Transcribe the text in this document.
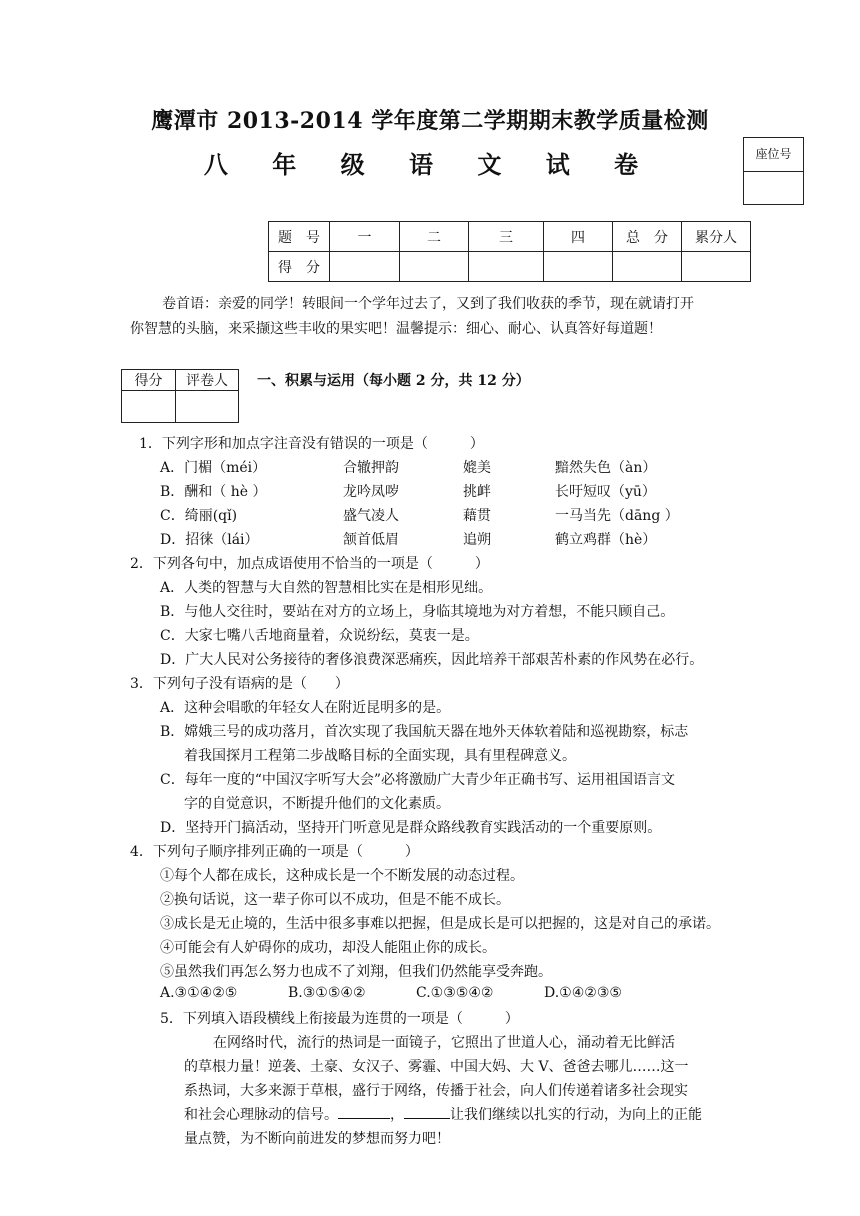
鹰潭市 2013-2014 学年度第二学期期末教学质量检测
八 年 级 语 文 试 卷	座位号
题　号	一	二	三	四	总　分	累分人
得　分						
卷首语：亲爱的同学！转眼间一个学年过去了，又到了我们收获的季节，现在就请打开
你智慧的头脑，来采撷这些丰收的果实吧！温馨提示：细心、耐心、认真答好每道题！
得分	评卷人
	一、积累与运用（每小题 2 分，共 12 分）
1．下列字形和加点字注音没有错误的一项是（　　　）
A．门楣（méi）	合辙押韵	媲美	黯然失色（àn）
B．酬和（ hè ）	龙吟凤哕	挑衅	长吁短叹（yū）
C．绮丽(qǐ)	盛气凌人	藉贯	一马当先（dāng ）
D．招徕（lái）	颔首低眉	追朔	鹤立鸡群（hè）
2．下列各句中，加点成语使用不恰当的一项是（　　　）
A．人类的智慧与大自然的智慧相比实在是相形见绌。
B．与他人交往时，要站在对方的立场上，身临其境地为对方着想，不能只顾自己。
C．大家七嘴八舌地商量着，众说纷纭，莫衷一是。
D．广大人民对公务接待的奢侈浪费深恶痛疾，因此培养干部艰苦朴素的作风势在必行。
3．下列句子没有语病的是（　　）
A．这种会唱歌的年轻女人在附近昆明多的是。
B．嫦娥三号的成功落月，首次实现了我国航天器在地外天体软着陆和巡视勘察，标志
着我国探月工程第二步战略目标的全面实现，具有里程碑意义。
C．每年一度的“中国汉字听写大会”必将激励广大青少年正确书写、运用祖国语言文
字的自觉意识，不断提升他们的文化素质。
D．坚持开门搞活动，坚持开门听意见是群众路线教育实践活动的一个重要原则。
4．下列句子顺序排列正确的一项是（　　　）
①每个人都在成长，这种成长是一个不断发展的动态过程。
②换句话说，这一辈子你可以不成功，但是不能不成长。
③成长是无止境的，生活中很多事难以把握，但是成长是可以把握的，这是对自己的承诺。
④可能会有人妒碍你的成功，却没人能阻止你的成长。
⑤虽然我们再怎么努力也成不了刘翔，但我们仍然能享受奔跑。
A.③①④②⑤	B.③①⑤④②	C.①③⑤④②	D.①④②③⑤
5．下列填入语段横线上衔接最为连贯的一项是（　　　）
在网络时代，流行的热词是一面镜子，它照出了世道人心，涌动着无比鲜活
的草根力量！逆袭、土豪、女汉子、雾霾、中国大妈、大 V、爸爸去哪儿……这一
系热词，大多来源于草根，盛行于网络，传播于社会，向人们传递着诸多社会现实
和社会心理脉动的信号。	，	让我们继续以扎实的行动，为向上的正能
量点赞，为不断向前进发的梦想而努力吧！
